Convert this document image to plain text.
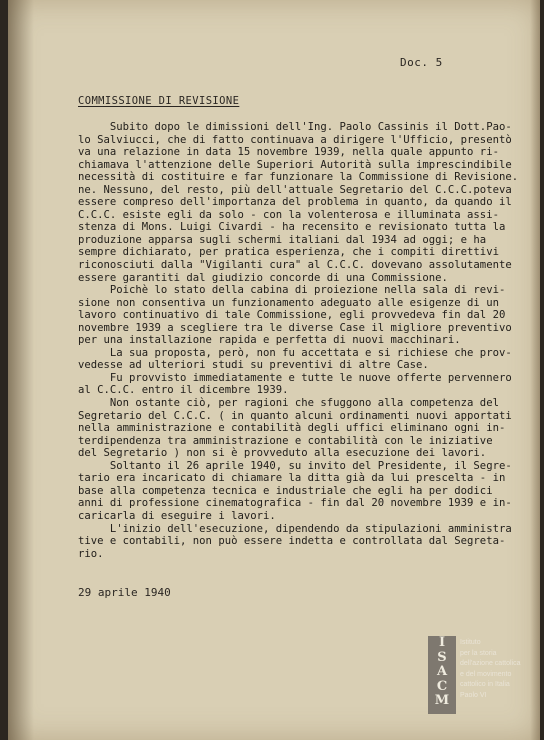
Doc. 5
COMMISSIONE DI REVISIONE
Subito dopo le dimissioni dell'Ing. Paolo Cassinis il Dott.Pao-
lo Salviucci, che di fatto continuava a dirigere l'Ufficio, presentò
va una relazione in data 15 novembre 1939, nella quale appunto ri-
chiamava l'attenzione delle Superiori Autorità sulla imprescindibile
necessità di costituire e far funzionare la Commissione di Revisione.
ne. Nessuno, del resto, più dell'attuale Segretario del C.C.C.poteva
essere compreso dell'importanza del problema in quanto, da quando il
C.C.C. esiste egli da solo - con la volenterosa e illuminata assi-
stenza di Mons. Luigi Civardi - ha recensito e revisionato tutta la
produzione apparsa sugli schermi italiani dal 1934 ad oggi; e ha
sempre dichiarato, per pratica esperienza, che i compiti direttivi
riconosciuti dalla "Vigilanti cura" al C.C.C. dovevano assolutamente
essere garantiti dal giudizio concorde di una Commissione.
Poichè lo stato della cabina di proiezione nella sala di revi-
sione non consentiva un funzionamento adeguato alle esigenze di un
lavoro continuativo di tale Commissione, egli provvedeva fin dal 20
novembre 1939 a scegliere tra le diverse Case il migliore preventivo
per una installazione rapida e perfetta di nuovi macchinari.
La sua proposta, però, non fu accettata e si richiese che prov-
vedesse ad ulteriori studi su preventivi di altre Case.
Fu provvisto immediatamente e tutte le nuove offerte pervennero
al C.C.C. entro il dicembre 1939.
Non ostante ciò, per ragioni che sfuggono alla competenza del
Segretario del C.C.C. ( in quanto alcuni ordinamenti nuovi apportati
nella amministrazione e contabilità degli uffici eliminano ogni in-
terdipendenza tra amministrazione e contabilità con le iniziative
del Segretario ) non si è provveduto alla esecuzione dei lavori.
Soltanto il 26 aprile 1940, su invito del Presidente, il Segre-
tario era incaricato di chiamare la ditta già da lui prescelta - in
base alla competenza tecnica e industriale che egli ha per dodici
anni di professione cinematografica - fin dal 20 novembre 1939 e in-
caricarla di eseguire i lavori.
L'inizio dell'esecuzione, dipendendo da stipulazioni amministra
tive e contabili, non può essere indetta e controllata dal Segreta-
rio.
29 aprile 1940
I
S
A
C
M
Istituto
per la storia
dell'azione cattolica
e del movimento
cattolico in Italia
Paolo VI
